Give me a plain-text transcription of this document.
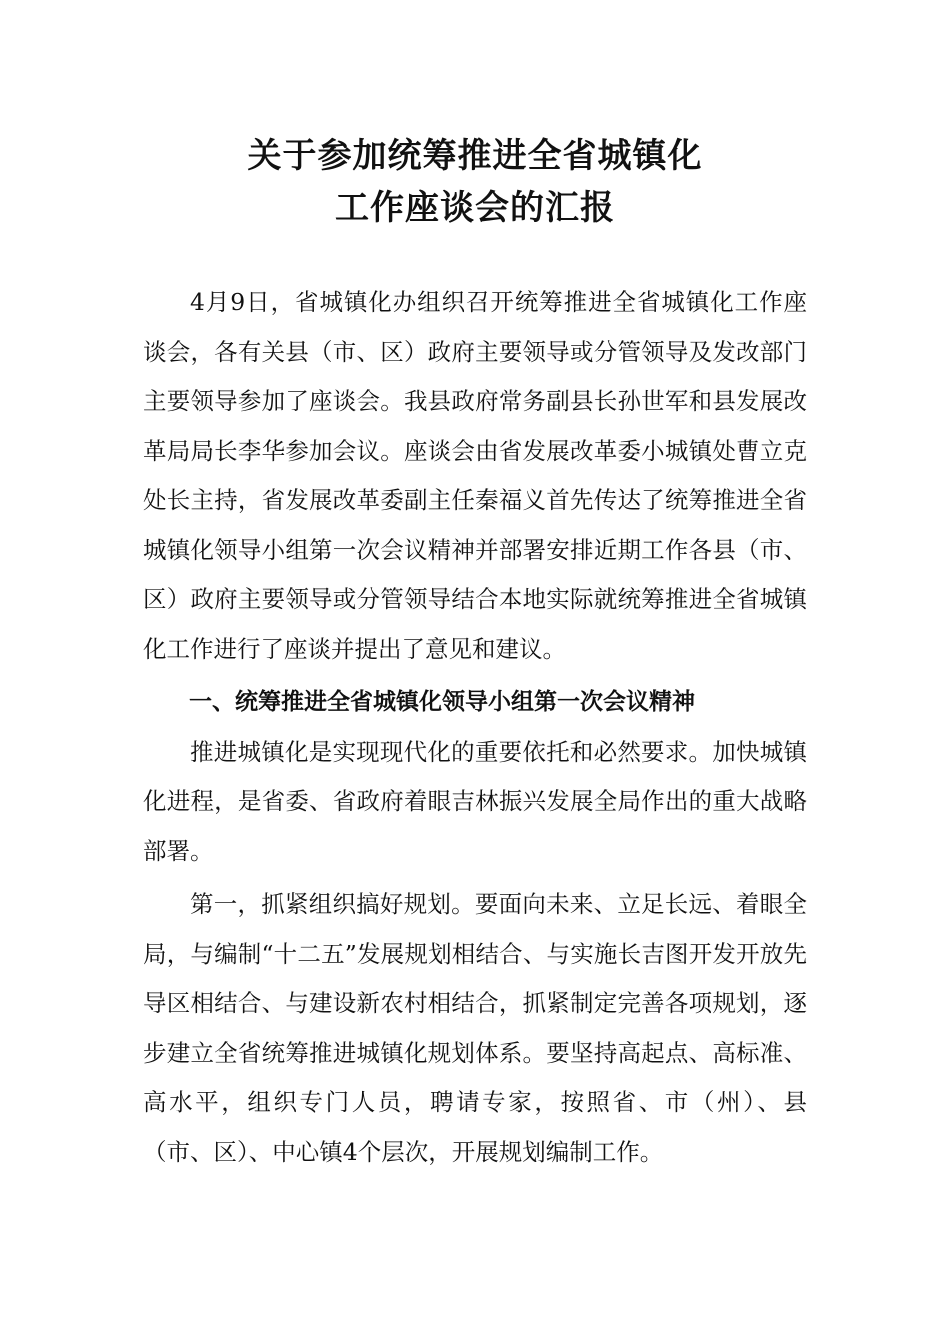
关于参加统筹推进全省城镇化
工作座谈会的汇报

4月9日，省城镇化办组织召开统筹推进全省城镇化工作座谈会，各有关县（市、区）政府主要领导或分管领导及发改部门主要领导参加了座谈会。我县政府常务副县长孙世军和县发展改革局局长李华参加会议。座谈会由省发展改革委小城镇处曹立克处长主持，省发展改革委副主任秦福义首先传达了统筹推进全省城镇化领导小组第一次会议精神并部署安排近期工作各县（市、区）政府主要领导或分管领导结合本地实际就统筹推进全省城镇化工作进行了座谈并提出了意见和建议。

一、统筹推进全省城镇化领导小组第一次会议精神

推进城镇化是实现现代化的重要依托和必然要求。加快城镇化进程，是省委、省政府着眼吉林振兴发展全局作出的重大战略部署。

第一，抓紧组织搞好规划。要面向未来、立足长远、着眼全局，与编制“十二五”发展规划相结合、与实施长吉图开发开放先导区相结合、与建设新农村相结合，抓紧制定完善各项规划，逐步建立全省统筹推进城镇化规划体系。要坚持高起点、高标准、高水平，组织专门人员，聘请专家，按照省、市（州）、县（市、区）、中心镇4个层次，开展规划编制工作。
